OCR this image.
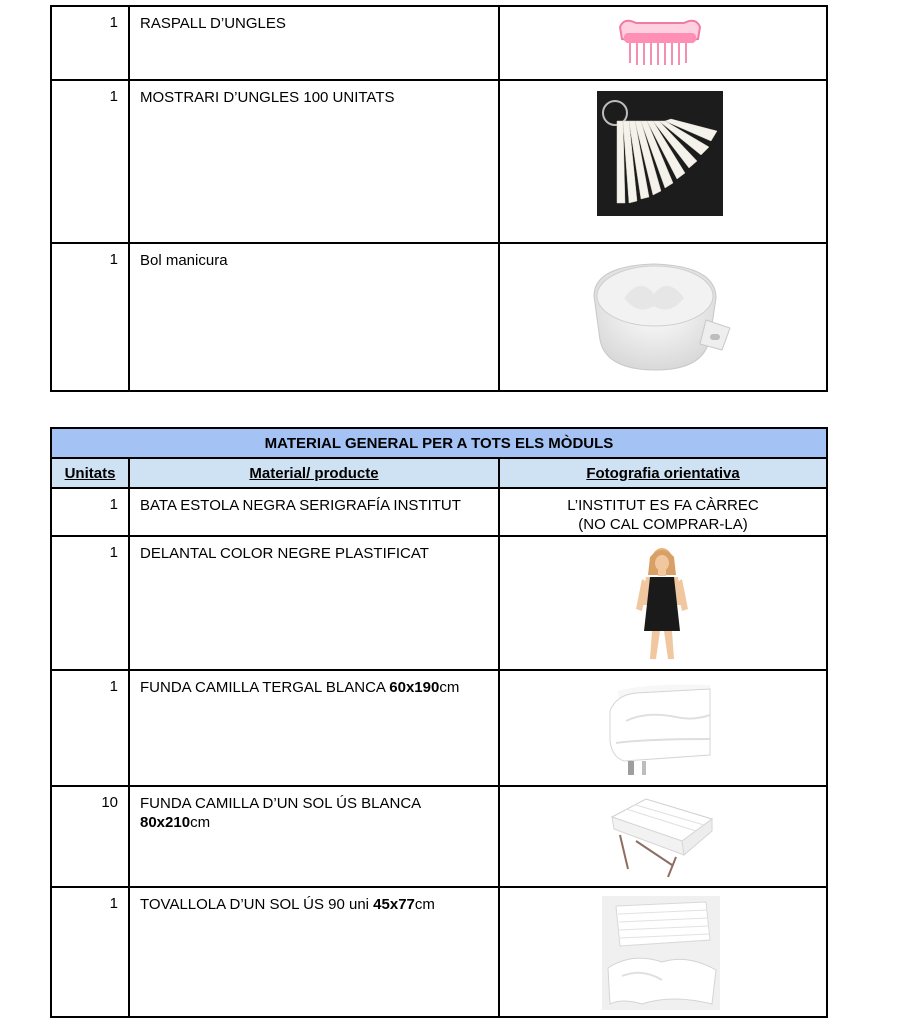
1	RASPALL D’UNGLES	

1	MOSTRARI D’UNGLES 100 UNITATS	

1	Bol manicura	
MATERIAL GENERAL PER A TOTS ELS MÒDULS		
Unitats	Material/ producte	Fotografia orientativa
1	BATA ESTOLA NEGRA SERIGRAFÍA INSTITUT	L’INSTITUT ES FA CÀRREC
(NO CAL COMPRAR-LA)

1	DELANTAL COLOR NEGRE PLASTIFICAT	

1	FUNDA CAMILLA TERGAL BLANCA 60x190cm	

10	FUNDA CAMILLA D’UN SOL ÚS BLANCA
80x210cm	

1	TOVALLOLA D’UN SOL ÚS 90 uni 45x77cm	
